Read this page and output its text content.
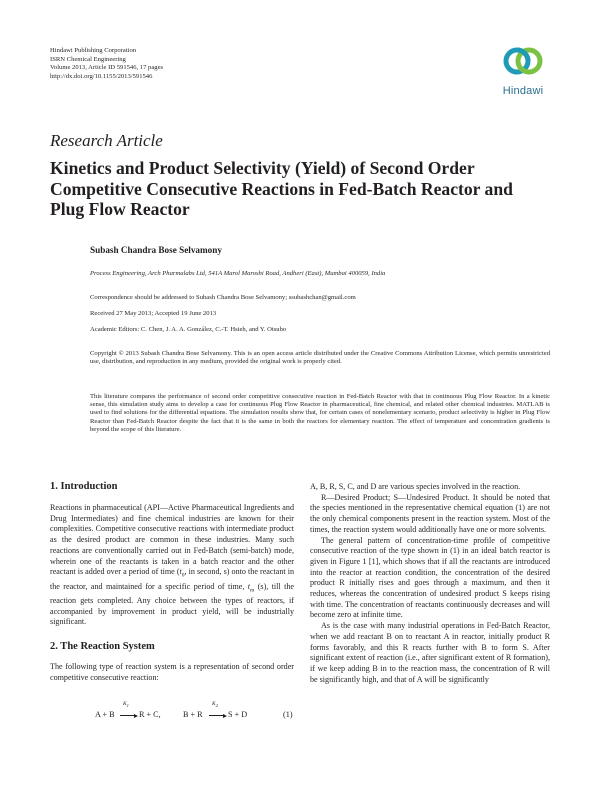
Hindawi Publishing Corporation
ISRN Chemical Engineering
Volume 2013, Article ID 591546, 17 pages
http://dx.doi.org/10.1155/2013/591546
Hindawi
Research Article
Kinetics and Product Selectivity (Yield) of Second Order Competitive Consecutive Reactions in Fed-Batch Reactor and Plug Flow Reactor
Subash Chandra Bose Selvamony
Process Engineering, Arch Pharmalabs Ltd, 541A Marol Maroshi Road, Andheri (East), Mumbai 400059, India
Correspondence should be addressed to Subash Chandra Bose Selvamony; ssubashchan@gmail.com
Received 27 May 2013; Accepted 19 June 2013
Academic Editors: C. Chen, J. A. A. González, C.-T. Hsieh, and Y. Otsubo
Copyright © 2013 Subash Chandra Bose Selvamony. This is an open access article distributed under the Creative Commons Attribution License, which permits unrestricted use, distribution, and reproduction in any medium, provided the original work is properly cited.
This literature compares the performance of second order competitive consecutive reaction in Fed-Batch Reactor with that in continuous Plug Flow Reactor. In a kinetic sense, this simulation study aims to develop a case for continuous Plug Flow Reactor in pharmaceutical, fine chemical, and related other chemical industries. MATLAB is used to find solutions for the differential equations. The simulation results show that, for certain cases of nonelementary scenario, product selectivity is higher in Plug Flow Reactor than Fed-Batch Reactor despite the fact that it is the same in both the reactors for elementary reaction. The effect of temperature and concentration gradients is beyond the scope of this literature.
1. Introduction

Reactions in pharmaceutical (API—Active Pharmaceutical Ingredients and Drug Intermediates) and fine chemical industries are known for their complexities. Competitive consecutive reactions with intermediate product as the desired product are common in these industries. Many such reactions are conventionally carried out in Fed-Batch (semi-batch) mode, wherein one of the reactants is taken in a batch reactor and the other reactant is added over a period of time ($t_0$, in second, s) onto the reactant in the reactor, and maintained for a specific period of time, $t_m$ (s), till the reaction gets completed. Any choice between the types of reactors, if accompanied by improvement in product yield, will be industrially significant.

2. The Reaction System
The following type of reaction system is a representation of second order competitive consecutive reaction:
A + B
$K_1$
R + C,	B + R
$K_2$
S + D	(1)

A, B, R, S, C, and D are various species involved in the reaction.

R—Desired Product; S—Undesired Product. It should be noted that the species mentioned in the representative chemical equation (1) are not the only chemical components present in the reaction system. Most of the times, the reaction system would additionally have one or more solvents.

The general pattern of concentration-time profile of competitive consecutive reaction of the type shown in (1) in an ideal batch reactor is given in Figure 1 [1], which shows that if all the reactants are introduced into the reactor at reaction condition, the concentration of the desired product R initially rises and goes through a maximum, and then it reduces, whereas the concentration of undesired product S keeps rising with time. The concentration of reactants continuously decreases and will become zero at infinite time.

As is the case with many industrial operations in Fed-Batch Reactor, when we add reactant B on to reactant A in reactor, initially product R forms favorably, and this R reacts further with B to form S. After significant extent of reaction (i.e., after significant extent of R formation), if we keep adding B in to the reaction mass, the concentration of R will be significantly high, and that of A will be significantly
